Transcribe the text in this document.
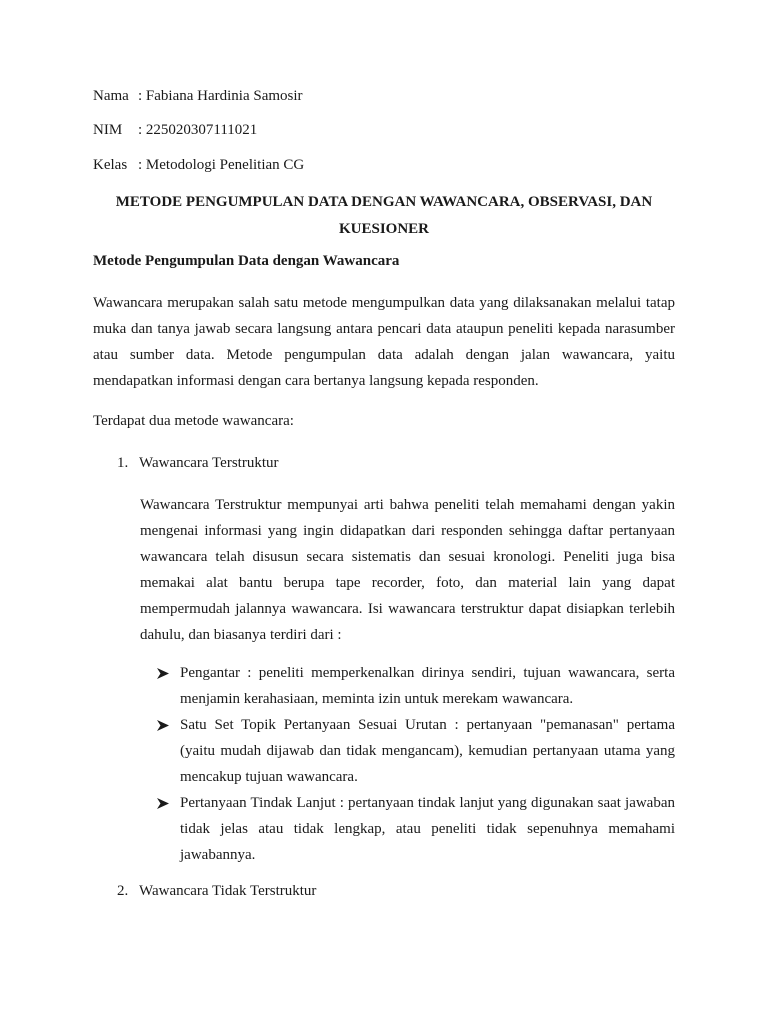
Nama : Fabiana Hardinia Samosir
NIM : 225020307111021
Kelas : Metodologi Penelitian CG
METODE PENGUMPULAN DATA DENGAN WAWANCARA, OBSERVASI, DAN KUESIONER
Metode Pengumpulan Data dengan Wawancara
Wawancara merupakan salah satu metode mengumpulkan data yang dilaksanakan melalui tatap muka dan tanya jawab secara langsung antara pencari data ataupun peneliti kepada narasumber atau sumber data. Metode pengumpulan data adalah dengan jalan wawancara, yaitu mendapatkan informasi dengan cara bertanya langsung kepada responden.
Terdapat dua metode wawancara:
1. Wawancara Terstruktur
Wawancara Terstruktur mempunyai arti bahwa peneliti telah memahami dengan yakin mengenai informasi yang ingin didapatkan dari responden sehingga daftar pertanyaan wawancara telah disusun secara sistematis dan sesuai kronologi. Peneliti juga bisa memakai alat bantu berupa tape recorder, foto, dan material lain yang dapat mempermudah jalannya wawancara. Isi wawancara terstruktur dapat disiapkan terlebih dahulu, dan biasanya terdiri dari :
Pengantar : peneliti memperkenalkan dirinya sendiri, tujuan wawancara, serta menjamin kerahasiaan, meminta izin untuk merekam wawancara.
Satu Set Topik Pertanyaan Sesuai Urutan : pertanyaan "pemanasan" pertama (yaitu mudah dijawab dan tidak mengancam), kemudian pertanyaan utama yang mencakup tujuan wawancara.
Pertanyaan Tindak Lanjut : pertanyaan tindak lanjut yang digunakan saat jawaban tidak jelas atau tidak lengkap, atau peneliti tidak sepenuhnya memahami jawabannya.
2. Wawancara Tidak Terstruktur
